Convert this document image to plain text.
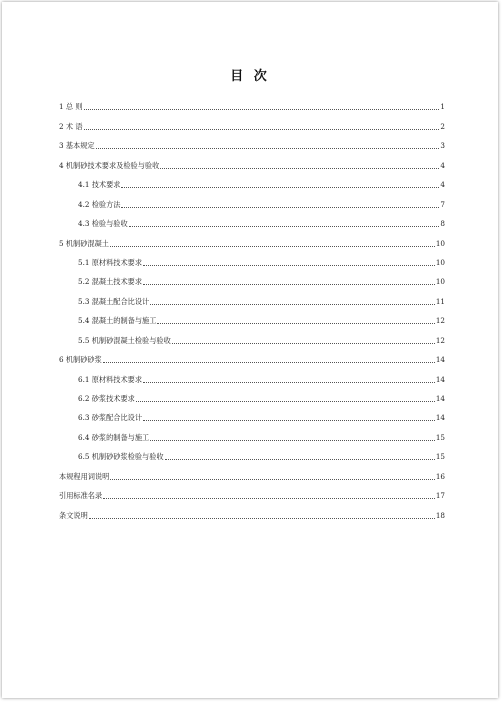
目 次
1 总 则	1
2 术 语	2
3 基本规定	3
4 机制砂技术要求及检验与验收	4
4.1 技术要求	4
4.2 检验方法	7
4.3 检验与验收	8
5 机制砂混凝土	10
5.1 原材料技术要求	10
5.2 混凝土技术要求	10
5.3 混凝土配合比设计	11
5.4 混凝土的制备与施工	12
5.5 机制砂混凝土检验与验收	12
6 机制砂砂浆	14
6.1 原材料技术要求	14
6.2 砂浆技术要求	14
6.3 砂浆配合比设计	14
6.4 砂浆的制备与施工	15
6.5 机制砂砂浆检验与验收	15
本规程用词说明	16
引用标准名录	17
条文说明	18
